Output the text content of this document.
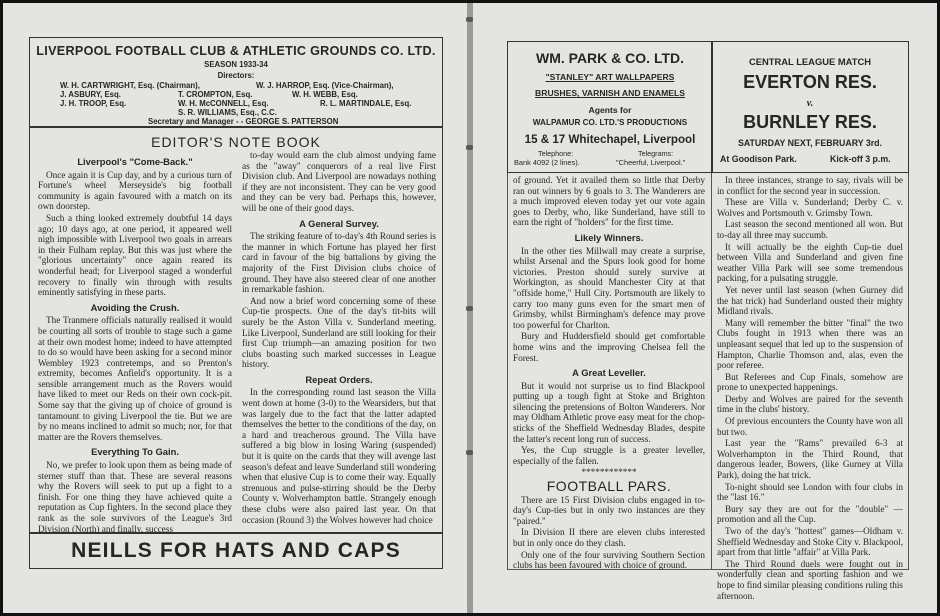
LIVERPOOL FOOTBALL CLUB & ATHLETIC GROUNDS CO. LTD.
SEASON 1933-34
Directors:
W. H. CARTWRIGHT, Esq. (Chairman),	W. J. HARROP, Esq. (Vice-Chairman),
J. ASBURY, Esq.	T. CROMPTON, Esq.	W. H. WEBB, Esq.
J. H. TROOP, Esq.	W. H. McCONNELL, Esq.	R. L. MARTINDALE, Esq.
S. R. WILLIAMS, Esq., C.C.
Secretary and Manager - - GEORGE S. PATTERSON
EDITOR'S NOTE BOOK
Liverpool's "Come-Back."

Once again it is Cup day, and by a curious turn of Fortune's wheel Merseyside's big football community is again favoured with a match on its own doorstep.

Such a thing looked extremely doubtful 14 days ago; 10 days ago, at one period, it appeared well nigh impossible with Liverpool two goals in arrears in their Fulham replay. But this was just where the "glorious uncertainty" once again reared its wonderful head; for Liverpool staged a wonderful recovery to finally win through with results eminently satisfying in these parts.

Avoiding the Crush.

The Tranmere officials naturally realised it would be courting all sorts of trouble to stage such a game at their own modest home; indeed to have attempted to do so would have been asking for a second minor Wembley 1923 contretemps, and so Prenton's extremity, becomes Anfield's opportunity. It is a sensible arrangement much as the Rovers would have liked to meet our Reds on their own cock-pit. Some say that the giving up of choice of ground is tantamount to giving Liverpool the tie. But we are by no means inclined to admit so much; nor, for that matter are the Rovers themselves.

Everything To Gain.

No, we prefer to look upon them as being made of sterner stuff than that. These are several reasons why the Rovers will seek to put up a fight to a finish. For one thing they have achieved quite a reputation as Cup fighters. In the second place they rank as the sole survivors of the League's 3rd Division (North) and finally, success

to-day would earn the club almost undying fame as the "away" conquerors of a real live First Division club. And Liverpool are nowadays nothing if they are not inconsistent. They can be very good and they can be very bad. Perhaps this, however, will be one of their good days.

A General Survey.

The striking feature of to-day's 4th Round series is the manner in which Fortune has played her first card in favour of the big battalions by giving the majority of the First Division clubs choice of ground. They have also steered clear of one another in remarkable fashion.

And now a brief word concerning some of these Cup-tie prospects. One of the day's tit-bits will surely be the Aston Villa v. Sunderland meeting. Like Liverpool, Sunderland are still looking for their first Cup triumph—an amazing position for two clubs boasting such marked successes in League history.

Repeat Orders.

In the corresponding round last season the Villa went down at home (3-0) to the Wearsiders, but that was largely due to the fact that the latter adapted themselves the better to the conditions of the day, on a hard and treacherous ground. The Villa have suffered a big blow in losing Waring (suspended) but it is quite on the cards that they will avenge last season's defeat and leave Sunderland still wondering when that elusive Cup is to come their way. Equally strenuous and pulse-stirring should be the Derby County v. Wolverhampton battle. Strangely enough these clubs were also paired last year. On that occasion (Round 3) the Wolves however had choice

NEILLS FOR HATS AND CAPS
WM. PARK & CO. LTD.
"STANLEY" ART WALLPAPERS
BRUSHES, VARNISH AND ENAMELS
Agents for
WALPAMUR CO. LTD.'S PRODUCTIONS
15 & 17 Whitechapel, Liverpool
Telephone:
Bank 4092 (2 lines).
Telegrams:
"Cheerful, Liverpool."
CENTRAL LEAGUE MATCH
EVERTON RES.
v.
BURNLEY RES.
SATURDAY NEXT, FEBRUARY 3rd.
At Goodison Park.	Kick-off 3 p.m.

of ground. Yet it availed them so little that Derby ran out winners by 6 goals to 3. The Wanderers are a much improved eleven today yet our vote again goes to Derby, who, like Sunderland, have still to earn the right of "holders" for the first time.

Likely Winners.

In the other ties Millwall may create a surprise, whilst Arsenal and the Spurs look good for home victories. Preston should surely survive at Workington, as should Manchester City at that "offside home," Hull City. Portsmouth are likely to carry too many guns even for the smart men of Grimsby, whilst Birmingham's defence may prove too powerful for Charlton.

Bury and Huddersfield should get comfortable home wins and the improving Chelsea fell the Forest.

A Great Leveller.

But it would not surprise us to find Blackpool putting up a tough fight at Stoke and Brighton silencing the pretensions of Bolton Wanderers. Nor may Oldham Athletic prove easy meat for the chop-sticks of the Sheffield Wednesday Blades, despite the latter's recent long run of success.

Yes, the Cup struggle is a greater leveller, especially of the fallen.

************

FOOTBALL PARS.

There are 15 First Division clubs engaged in to-day's Cup-ties but in only two instances are they "paired."

In Division II there are eleven clubs interested but in only once do they clash.

Only one of the four surviving Southern Section clubs has been favoured with choice of ground.

In three instances, strange to say, rivals will be in conflict for the second year in succession.

These are Villa v. Sunderland; Derby C. v. Wolves and Portsmouth v. Grimsby Town.

Last season the second mentioned all won. But to-day all three may succumb.

It will actually be the eighth Cup-tie duel between Villa and Sunderland and given fine weather Villa Park will see some tremendous packing, for a pulsating struggle.

Yet never until last season (when Gurney did the hat trick) had Sunderland ousted their mighty Midland rivals.

Many will remember the bitter "final" the two Clubs fought in 1913 when there was an unpleasant sequel that led up to the suspension of Hampton, Charlie Thomson and, alas, even the poor referee.

But Referees and Cup Finals, somehow are prone to unexpected happenings.

Derby and Wolves are paired for the seventh time in the clubs' history.

Of previous encounters the County have won all but two.

Last year the "Rams" prevailed 6-3 at Wolverhampton in the Third Round, that dangerous leader, Bowers, (like Gurney at Villa Park), doing the hat trick.

To-night should see London with four clubs in the "last 16."

Bury say they are out for the "double" —promotion and all the Cup.

Two of the day's "hottest" games—Oldham v. Sheffield Wednesday and Stoke City v. Blackpool, apart from that little "affair" at Villa Park.

The Third Round duels were fought out in wonderfully clean and sporting fashion and we hope to find similar pleasing conditions ruling this afternoon.
